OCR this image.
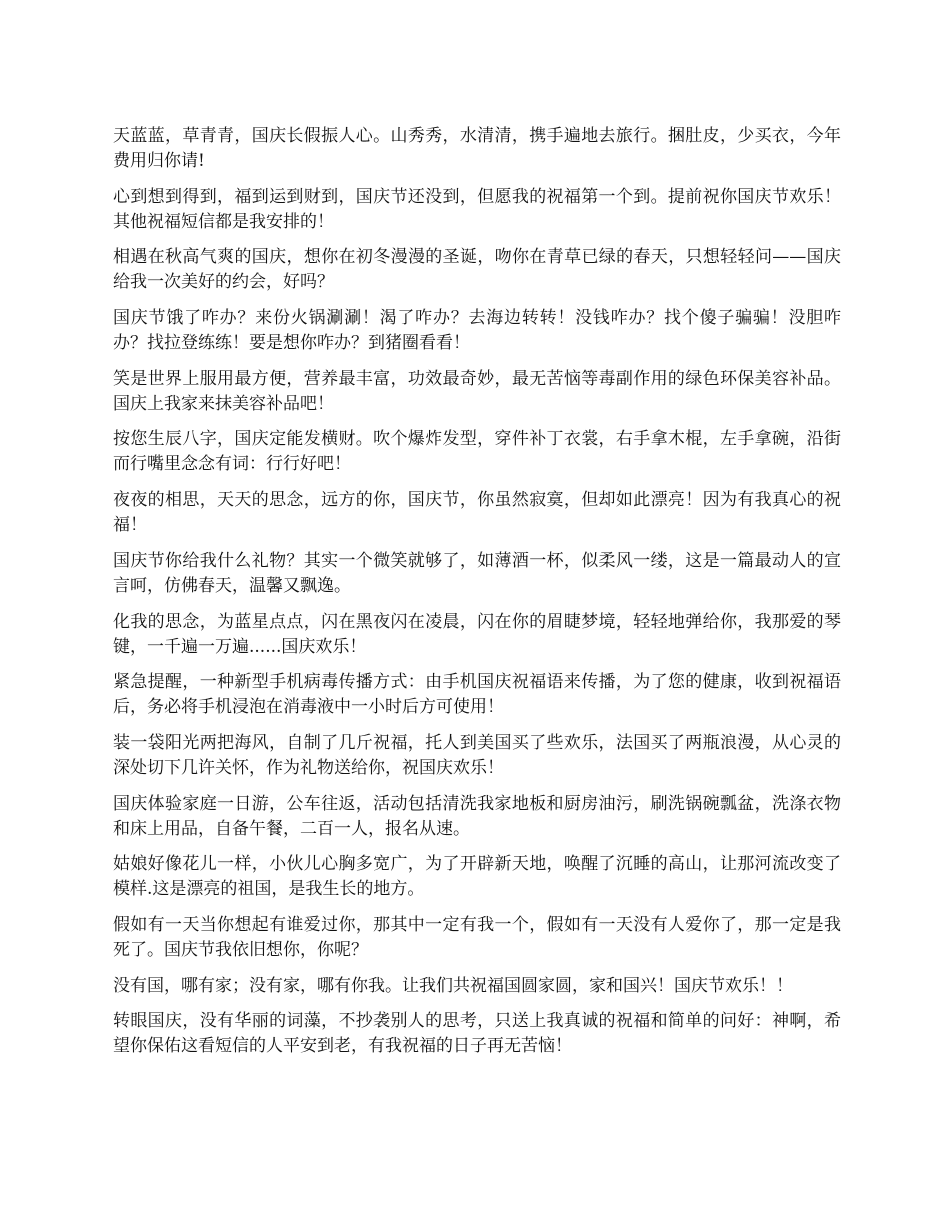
天蓝蓝，草青青，国庆长假振人心。山秀秀，水清清，携手遍地去旅行。捆肚皮，少买衣，今年费用归你请!

心到想到得到，福到运到财到，国庆节还没到，但愿我的祝福第一个到。提前祝你国庆节欢乐！其他祝福短信都是我安排的！

相遇在秋高气爽的国庆，想你在初冬漫漫的圣诞，吻你在青草已绿的春天，只想轻轻问——国庆给我一次美好的约会，好吗？

国庆节饿了咋办？来份火锅涮涮！渴了咋办？去海边转转！没钱咋办？找个傻子骗骗！没胆咋办？找拉登练练！要是想你咋办？到猪圈看看！

笑是世界上服用最方便，营养最丰富，功效最奇妙，最无苦恼等毒副作用的绿色环保美容补品。国庆上我家来抹美容补品吧！

按您生辰八字，国庆定能发横财。吹个爆炸发型，穿件补丁衣裳，右手拿木棍，左手拿碗，沿街而行嘴里念念有词：行行好吧！

夜夜的相思，天天的思念，远方的你，国庆节，你虽然寂寞，但却如此漂亮！因为有我真心的祝福！

国庆节你给我什么礼物？其实一个微笑就够了，如薄酒一杯，似柔风一缕，这是一篇最动人的宣言呵，仿佛春天，温馨又飘逸。

化我的思念，为蓝星点点，闪在黑夜闪在凌晨，闪在你的眉睫梦境，轻轻地弹给你，我那爱的琴键，一千遍一万遍......国庆欢乐！

紧急提醒，一种新型手机病毒传播方式：由手机国庆祝福语来传播，为了您的健康，收到祝福语后，务必将手机浸泡在消毒液中一小时后方可使用！

装一袋阳光两把海风，自制了几斤祝福，托人到美国买了些欢乐，法国买了两瓶浪漫，从心灵的深处切下几许关怀，作为礼物送给你，祝国庆欢乐！

国庆体验家庭一日游，公车往返，活动包括清洗我家地板和厨房油污，刷洗锅碗瓢盆，洗涤衣物和床上用品，自备午餐，二百一人，报名从速。

姑娘好像花儿一样，小伙儿心胸多宽广，为了开辟新天地，唤醒了沉睡的高山，让那河流改变了模样.这是漂亮的祖国，是我生长的地方。

假如有一天当你想起有谁爱过你，那其中一定有我一个，假如有一天没有人爱你了，那一定是我死了。国庆节我依旧想你，你呢？

没有国，哪有家；没有家，哪有你我。让我们共祝福国圆家圆，家和国兴！国庆节欢乐！！

转眼国庆，没有华丽的词藻，不抄袭别人的思考，只送上我真诚的祝福和简单的问好：神啊，希望你保佑这看短信的人平安到老，有我祝福的日子再无苦恼！
